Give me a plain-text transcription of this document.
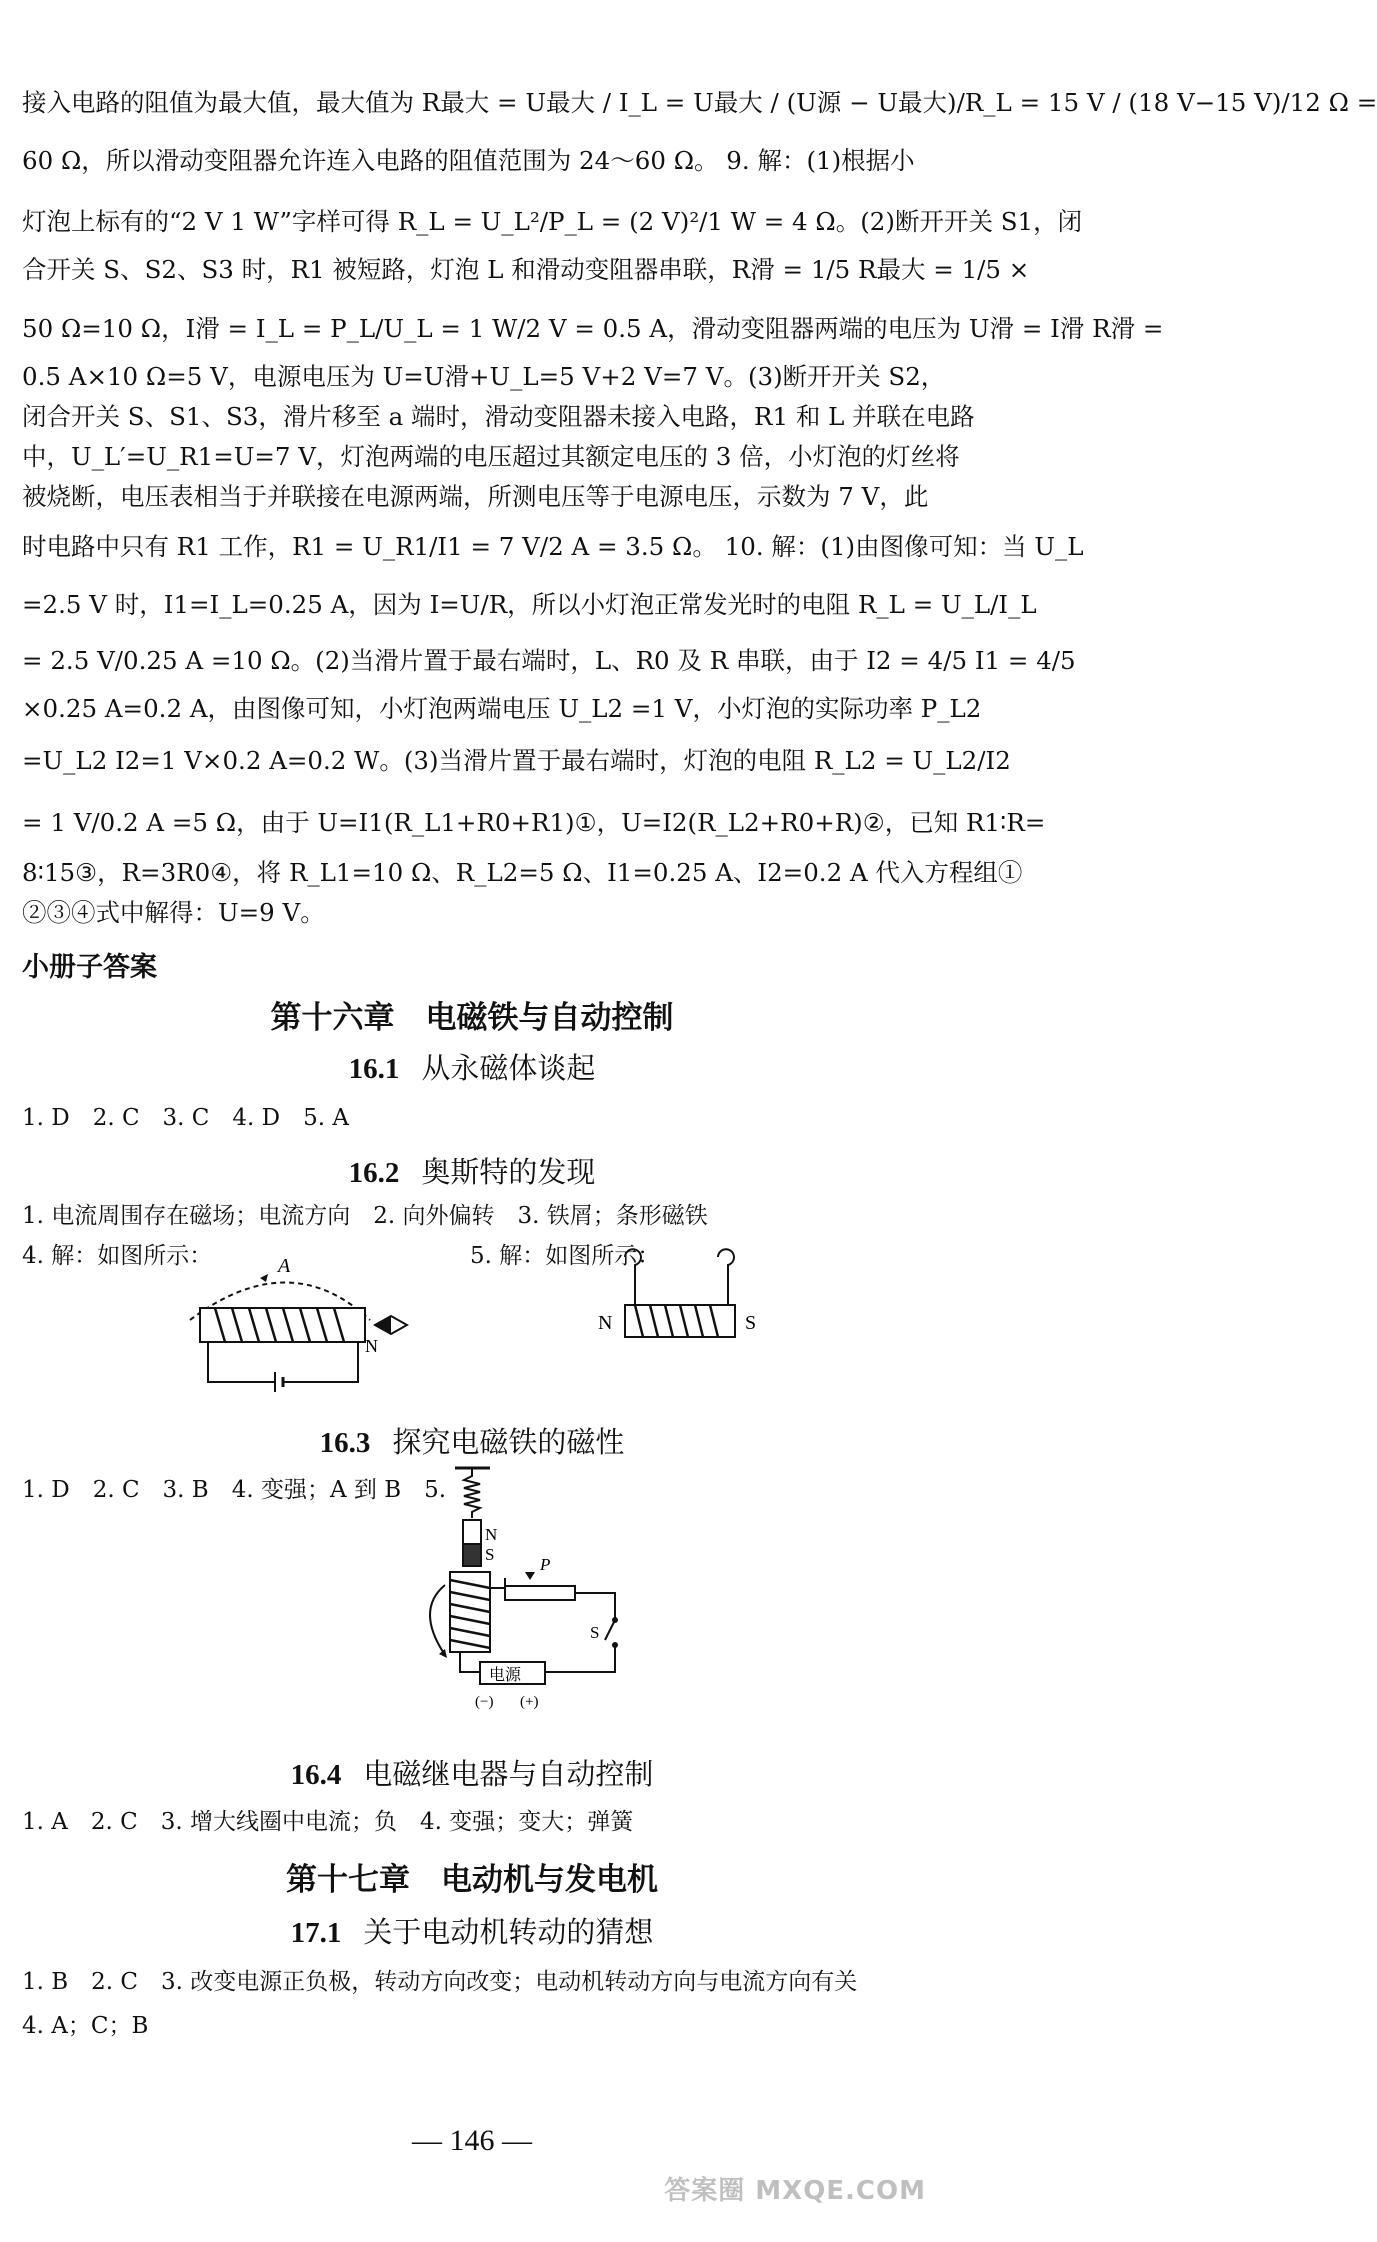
接入电路的阻值为最大值，最大值为 R最大 = U最大 / I_L = U最大 / (U源 − U最大)/R_L = 15 V / (18 V−15 V)/12 Ω =
60 Ω，所以滑动变阻器允许连入电路的阻值范围为 24～60 Ω。 9. 解：(1)根据小
灯泡上标有的“2 V 1 W”字样可得 R_L = U_L²/P_L = (2 V)²/1 W = 4 Ω。(2)断开开关 S1，闭
合开关 S、S2、S3 时，R1 被短路，灯泡 L 和滑动变阻器串联，R滑 = 1/5 R最大 = 1/5 ×
50 Ω=10 Ω，I滑 = I_L = P_L/U_L = 1 W/2 V = 0.5 A，滑动变阻器两端的电压为 U滑 = I滑 R滑 =
0.5 A×10 Ω=5 V，电源电压为 U=U滑+U_L=5 V+2 V=7 V。(3)断开开关 S2，
闭合开关 S、S1、S3，滑片移至 a 端时，滑动变阻器未接入电路，R1 和 L 并联在电路
中，U_L′=U_R1=U=7 V，灯泡两端的电压超过其额定电压的 3 倍，小灯泡的灯丝将
被烧断，电压表相当于并联接在电源两端，所测电压等于电源电压，示数为 7 V，此
时电路中只有 R1 工作，R1 = U_R1/I1 = 7 V/2 A = 3.5 Ω。 10. 解：(1)由图像可知：当 U_L
=2.5 V 时，I1=I_L=0.25 A，因为 I=U/R，所以小灯泡正常发光时的电阻 R_L = U_L/I_L
= 2.5 V/0.25 A =10 Ω。(2)当滑片置于最右端时，L、R0 及 R 串联，由于 I2 = 4/5 I1 = 4/5
×0.25 A=0.2 A，由图像可知，小灯泡两端电压 U_L2 =1 V，小灯泡的实际功率 P_L2
=U_L2 I2=1 V×0.2 A=0.2 W。(3)当滑片置于最右端时，灯泡的电阻 R_L2 = U_L2/I2
= 1 V/0.2 A =5 Ω，由于 U=I1(R_L1+R0+R1)①，U=I2(R_L2+R0+R)②，已知 R1∶R=
8∶15③，R=3R0④，将 R_L1=10 Ω、R_L2=5 Ω、I1=0.25 A、I2=0.2 A 代入方程组①
②③④式中解得：U=9 V。
小册子答案
第十六章　电磁铁与自动控制
16.1 从永磁体谈起
1. D　2. C　3. C　4. D　5. A
16.2 奥斯特的发现
1. 电流周围存在磁场；电流方向　2. 向外偏转　3. 铁屑；条形磁铁
4. 解：如图所示：	5. 解：如图所示：
A
N
N	S
16.3 探究电磁铁的磁性
1. D　2. C　3. B　4. 变强；A 到 B　5.
N
S
P
S
电源
(−) (+)
16.4 电磁继电器与自动控制
1. A　2. C　3. 增大线圈中电流；负　4. 变强；变大；弹簧
第十七章　电动机与发电机
17.1 关于电动机转动的猜想
1. B　2. C　3. 改变电源正负极，转动方向改变；电动机转动方向与电流方向有关
4. A；C；B
— 146 —
答案圈 MXQE.COM
